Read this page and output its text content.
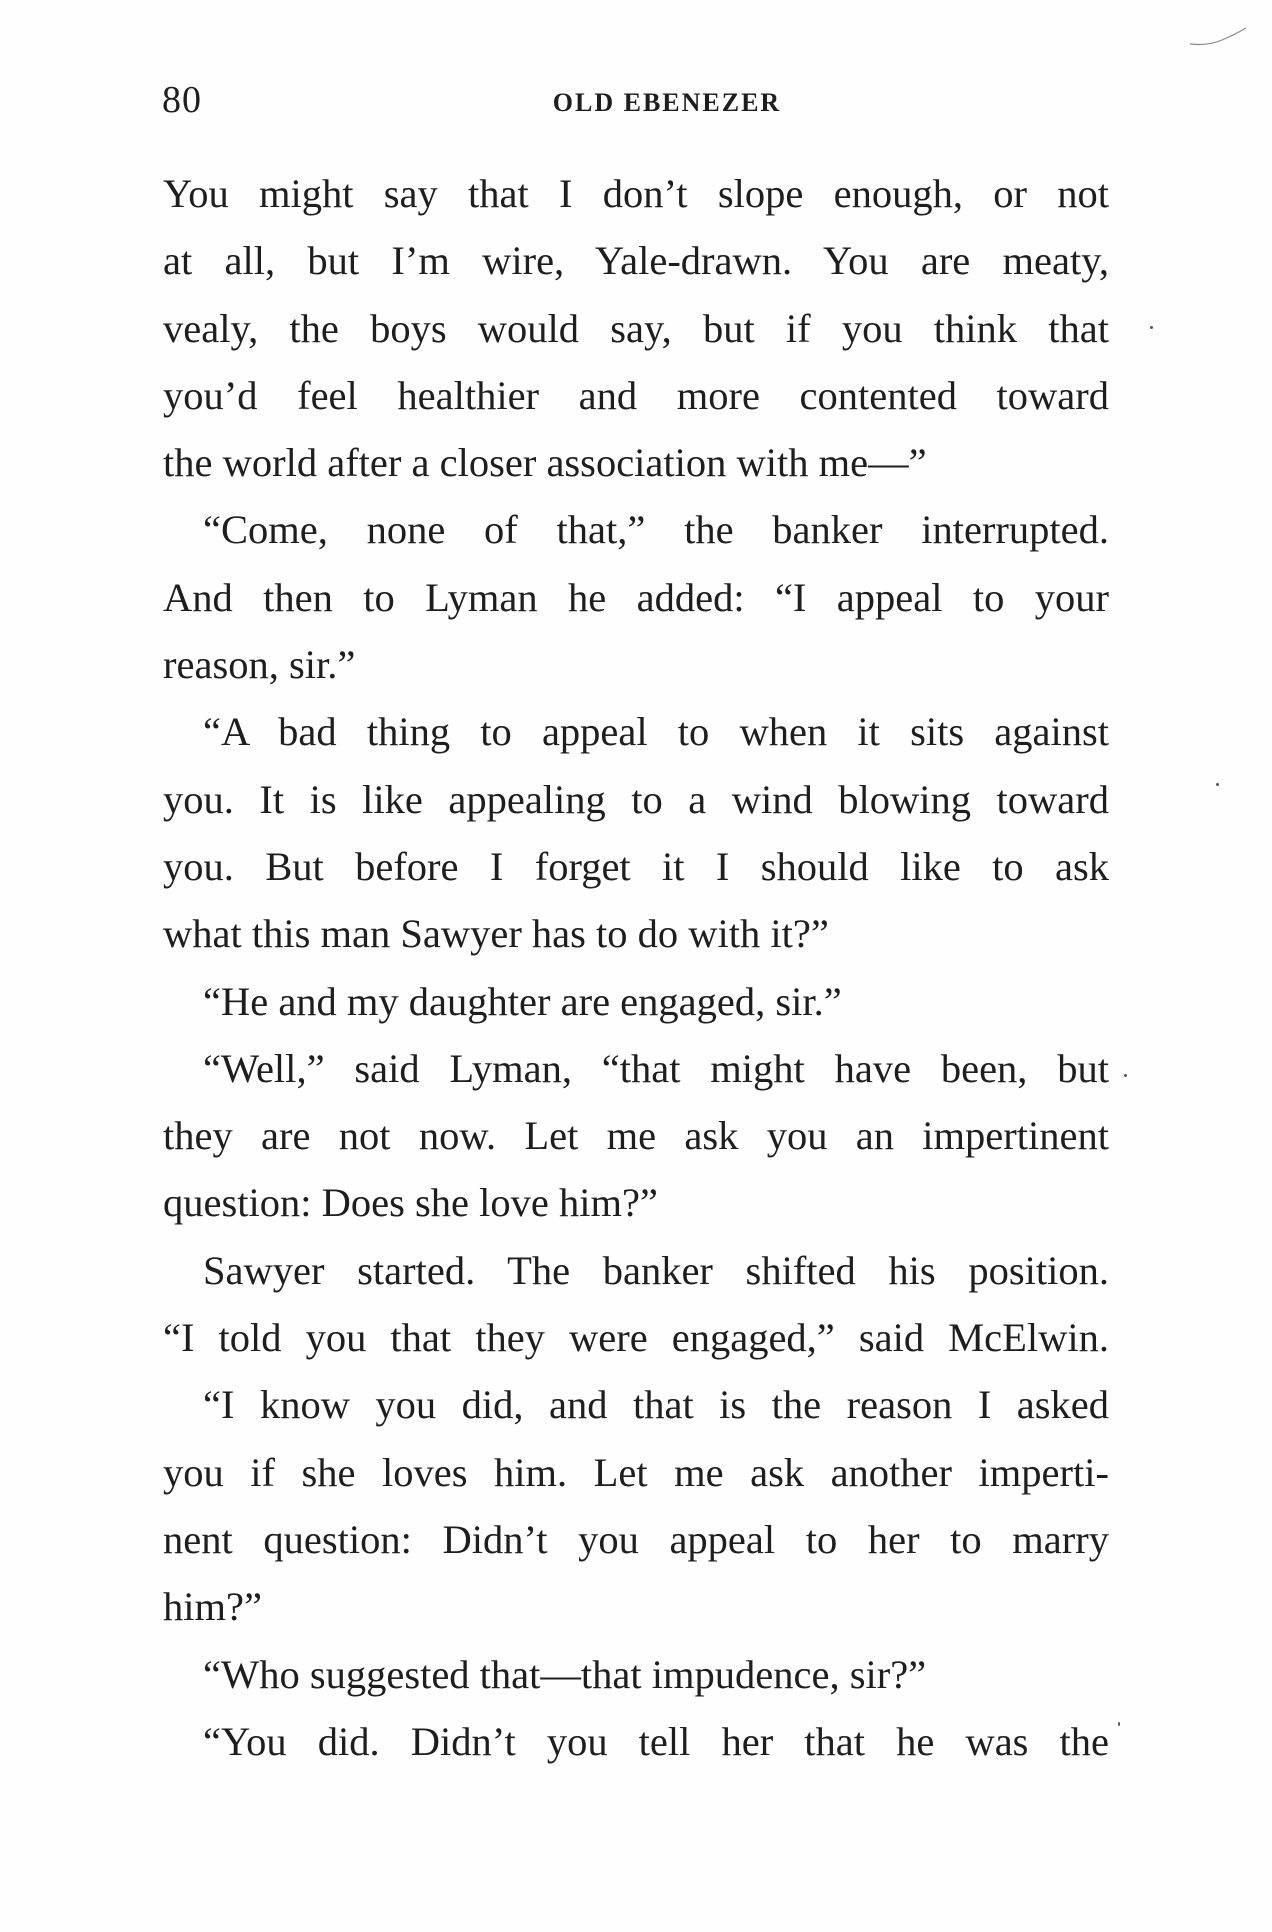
80	OLD EBENEZER
You might say that I don’t slope enough, or not
at all, but I’m wire, Yale-drawn. You are meaty,
vealy, the boys would say, but if you think that
you’d feel healthier and more contented toward
the world after a closer association with me—”
“Come, none of that,” the banker interrupted.
And then to Lyman he added: “I appeal to your
reason, sir.”
“A bad thing to appeal to when it sits against
you. It is like appealing to a wind blowing toward
you. But before I forget it I should like to ask
what this man Sawyer has to do with it?”
“He and my daughter are engaged, sir.”
“Well,” said Lyman, “that might have been, but
they are not now. Let me ask you an impertinent
question: Does she love him?”
Sawyer started. The banker shifted his position.
“I told you that they were engaged,” said McElwin.
“I know you did, and that is the reason I asked
you if she loves him. Let me ask another imperti-
nent question: Didn’t you appeal to her to marry
him?”
“Who suggested that—that impudence, sir?”
“You did. Didn’t you tell her that he was the
